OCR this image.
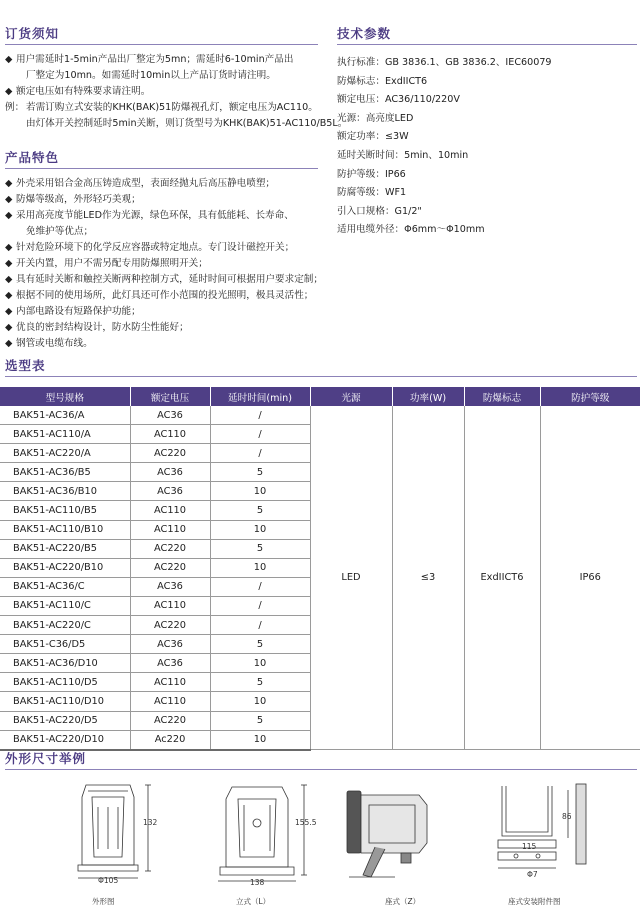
订货须知	技术参数
产品特色
选型表
外形尺寸举例
◆ 用户需延时1-5min产品出厂整定为5mn；需延时6-10min产品出
厂整定为10mn。如需延时10min以上产品订货时请注明。
◆ 额定电压如有特殊要求请注明。
例： 若需订购立式安装的KHK(BAK)51防爆视孔灯，额定电压为AC110。
由灯体开关控制延时5min关断，则订货型号为KHK(BAK)51-AC110/B5L。
◆ 外壳采用铝合金高压铸造成型，表面经抛丸后高压静电喷塑；
◆ 防爆等级高，外形轻巧美观；
◆ 采用高亮度节能LED作为光源，绿色环保，具有低能耗、长寿命、
免维护等优点；
◆ 针对危险环境下的化学反应容器或特定地点。专门设计磁控开关；
◆ 开关内置，用户不需另配专用防爆照明开关；
◆ 具有延时关断和触控关断两种控制方式，延时时间可根据用户要求定制；
◆ 根据不同的使用场所，此灯具还可作小范围的投光照明，极具灵活性；
◆ 内部电路设有短路保护功能；
◆ 优良的密封结构设计，防水防尘性能好；
◆ 钢管或电缆布线。
执行标准：GB 3836.1、GB 3836.2、IEC60079
防爆标志：ExdIICT6
额定电压：AC36/110/220V
光源：高亮度LED
额定功率：≤3W
延时关断时间：5min、10min
防护等级：IP66
防腐等级：WF1
引入口规格：G1/2"
适用电缆外径：Φ6mm～Φ10mm
型号规格	额定电压	延时时间(min)	光源	功率(W)	防爆标志	防护等级
BAK51-AC36/A	AC36	/	LED	≤3	ExdIICT6	IP66
BAK51-AC110/A	AC110	/				
BAK51-AC220/A	AC220	/				
BAK51-AC36/B5	AC36	5				
BAK51-AC36/B10	AC36	10				
BAK51-AC110/B5	AC110	5				
BAK51-AC110/B10	AC110	10				
BAK51-AC220/B5	AC220	5				
BAK51-AC220/B10	AC220	10				
BAK51-AC36/C	AC36	/				
BAK51-AC110/C	AC110	/				
BAK51-AC220/C	AC220	/				
BAK51-C36/D5	AC36	5				
BAK51-AC36/D10	AC36	10				
BAK51-AC110/D5	AC110	5				
BAK51-AC110/D10	AC110	10				
BAK51-AC220/D5	AC220	5				
BAK51-AC220/D10	Ac220	10				
Φ105
132
外形图
138
155.5
立式（L）	座式（Z）
86
115
Φ7
座式安装附件图
